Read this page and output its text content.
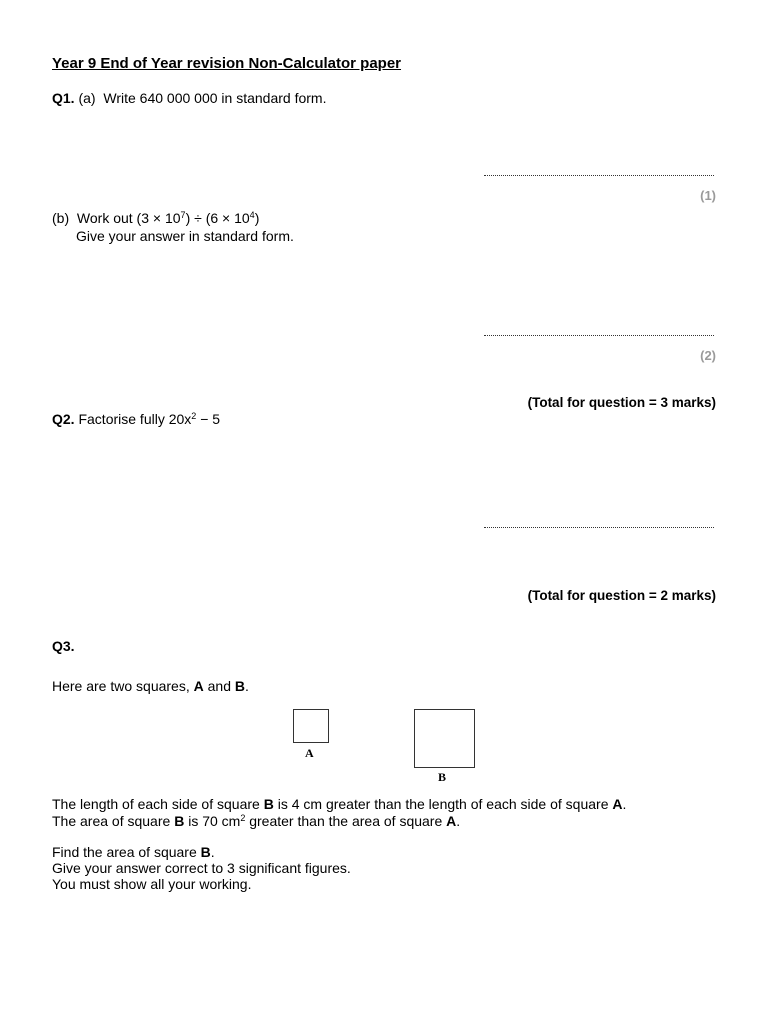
Year 9 End of Year revision Non-Calculator paper
Q1. (a) Write 640 000 000 in standard form.
(1)
(b) Work out $(3 \times 10^7) \div (6 \times 10^4)$
Give your answer in standard form.
(2)
(Total for question = 3 marks)
Q2. Factorise fully $20x^2 - 5$
(Total for question = 2 marks)
Q3.
Here are two squares, A and B.
A
B
The length of each side of square B is 4 cm greater than the length of each side of square A.
The area of square B is 70 $cm^2$ greater than the area of square A.
Find the area of square B.
Give your answer correct to 3 significant figures.
You must show all your working.
